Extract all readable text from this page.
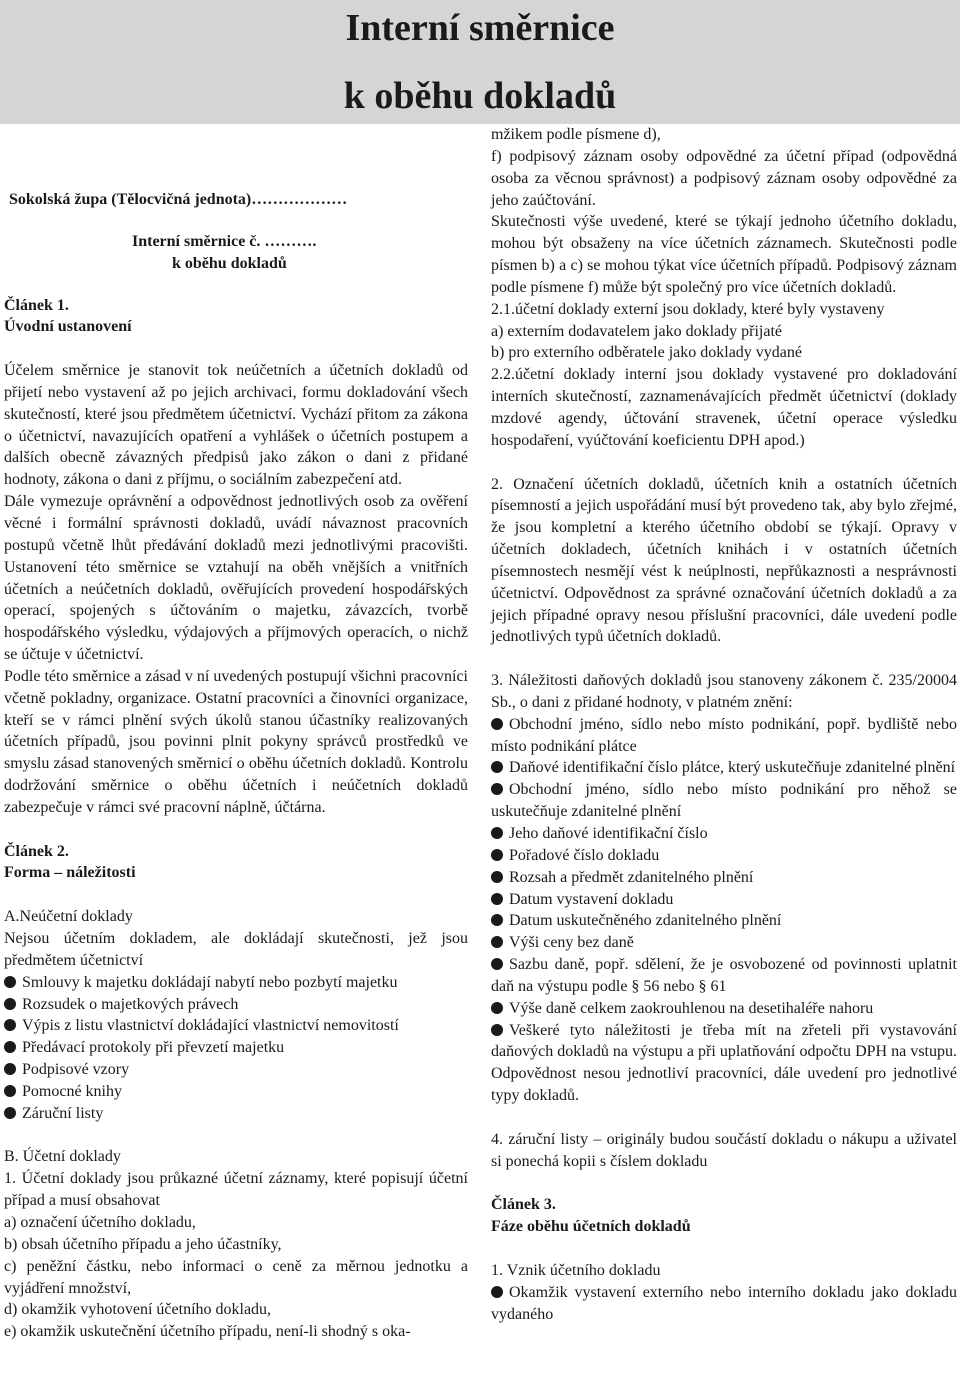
Interní směrnice
k oběhu dokladů

Sokolská župa (Tělocvičná jednota)………………

Interní směrnice č. ……….

k oběhu dokladů

Článek 1.

Úvodní ustanovení

Účelem směrnice je stanovit tok neúčetních a účetních dokladů od přijetí nebo vystavení až po jejich archivaci, formu dokladování všech skutečností, které jsou předmětem účetnictví. Vychází přitom za zákona o účetnictví, navazujících opatření a vyhlášek o účetních postupem a dalších obecně závazných předpisů jako zákon o dani z přidané hodnoty, zákona o dani z příjmu, o sociálním zabezpečení atd.

Dále vymezuje oprávnění a odpovědnost jednotlivých osob za ověření věcné i formální správnosti dokladů, uvádí návaznost pracovních postupů včetně lhůt předávání dokladů mezi jednotlivými pracovišti. Ustanovení této směrnice se vztahují na oběh vnějších a vnitřních účetních a neúčetních dokladů, ověřujících provedení hospodářských operací, spojených s účtováním o majetku, závazcích, tvorbě hospodářského výsledku, výdajových a příjmových operacích, o nichž se účtuje v účetnictví.

Podle této směrnice a zásad v ní uvedených postupují všichni pracovníci včetně pokladny, organizace. Ostatní pracovníci a činovníci organizace, kteří se v rámci plnění svých úkolů stanou účastníky realizovaných účetních případů, jsou povinni plnit pokyny správců prostředků ve smyslu zásad stanovených směrnicí o oběhu účetních dokladů. Kontrolu dodržování směrnice o oběhu účetních i neúčetních dokladů zabezpečuje v rámci své pracovní náplně, účtárna.

Článek 2.

Forma – náležitosti

A.Neúčetní doklady

Nejsou účetním dokladem, ale dokládají skutečnosti, jež jsou předmětem účetnictví

Smlouvy k majetku dokládají nabytí nebo pozbytí majetku

Rozsudek o majetkových právech

Výpis z listu vlastnictví dokládající vlastnictví nemovitostí

Předávací protokoly při převzetí majetku

Podpisové vzory

Pomocné knihy

Záruční listy

B. Účetní doklady

1. Účetní doklady jsou průkazné účetní záznamy, které popisují účetní případ a musí obsahovat

a) označení účetního dokladu,

b) obsah účetního případu a jeho účastníky,

c) peněžní částku, nebo informaci o ceně za měrnou jednotku a vyjádření množství,

d) okamžik vyhotovení účetního dokladu,

e) okamžik uskutečnění účetního případu, není-li shodný s oka-

mžikem podle písmene d),

f) podpisový záznam osoby odpovědné za účetní případ (odpovědná osoba za věcnou správnost) a podpisový záznam osoby odpovědné za jeho zaúčtování.

Skutečnosti výše uvedené, které se týkají jednoho účetního dokladu, mohou být obsaženy na více účetních záznamech. Skutečnosti podle písmen b) a c) se mohou týkat více účetních případů. Podpisový záznam podle písmene f) může být společný pro více účetních dokladů.

2.1.účetní doklady externí jsou doklady, které byly vystaveny

a) externím dodavatelem jako doklady přijaté

b) pro externího odběratele jako doklady vydané

2.2.účetní doklady interní jsou doklady vystavené pro dokladování interních skutečností, zaznamenávajících předmět účetnictví (doklady mzdové agendy, účtování stravenek, účetní operace výsledku hospodaření, vyúčtování koeficientu DPH apod.)

2. Označení účetních dokladů, účetních knih a ostatních účetních písemností a jejich uspořádání musí být provedeno tak, aby bylo zřejmé, že jsou kompletní a kterého účetního období se týkají. Opravy v účetních dokladech, účetních knihách i v ostatních účetních písemnostech nesmějí vést k neúplnosti, nepřůkaznosti a nesprávnosti účetnictví. Odpovědnost za správné označování účetních dokladů a za jejich případné opravy nesou příslušní pracovníci, dále uvedení podle jednotlivých typů účetních dokladů.

3. Náležitosti daňových dokladů jsou stanoveny zákonem č. 235/20004 Sb., o dani z přidané hodnoty, v platném znění:

Obchodní jméno, sídlo nebo místo podnikání, popř. bydliště nebo místo podnikání plátce

Daňové identifikační číslo plátce, který uskutečňuje zdanitelné plnění

Obchodní jméno, sídlo nebo místo podnikání pro něhož se uskutečňuje zdanitelné plnění

Jeho daňové identifikační číslo

Pořadové číslo dokladu

Rozsah a předmět zdanitelného plnění

Datum vystavení dokladu

Datum uskutečněného zdanitelného plnění

Výši ceny bez daně

Sazbu daně, popř. sdělení, že je osvobozené od povinnosti uplatnit daň na výstupu podle § 56 nebo § 61

Výše daně celkem zaokrouhlenou na desetihaléře nahoru

Veškeré tyto náležitosti je třeba mít na zřeteli při vystavování daňových dokladů na výstupu a při uplatňování odpočtu DPH na vstupu. Odpovědnost nesou jednotliví pracovníci, dále uvedení pro jednotlivé typy dokladů.

4. záruční listy – originály budou součástí dokladu o nákupu a uživatel si ponechá kopii s číslem dokladu

Článek 3.

Fáze oběhu účetních dokladů

1. Vznik účetního dokladu

Okamžik vystavení externího nebo interního dokladu jako dokladu vydaného
